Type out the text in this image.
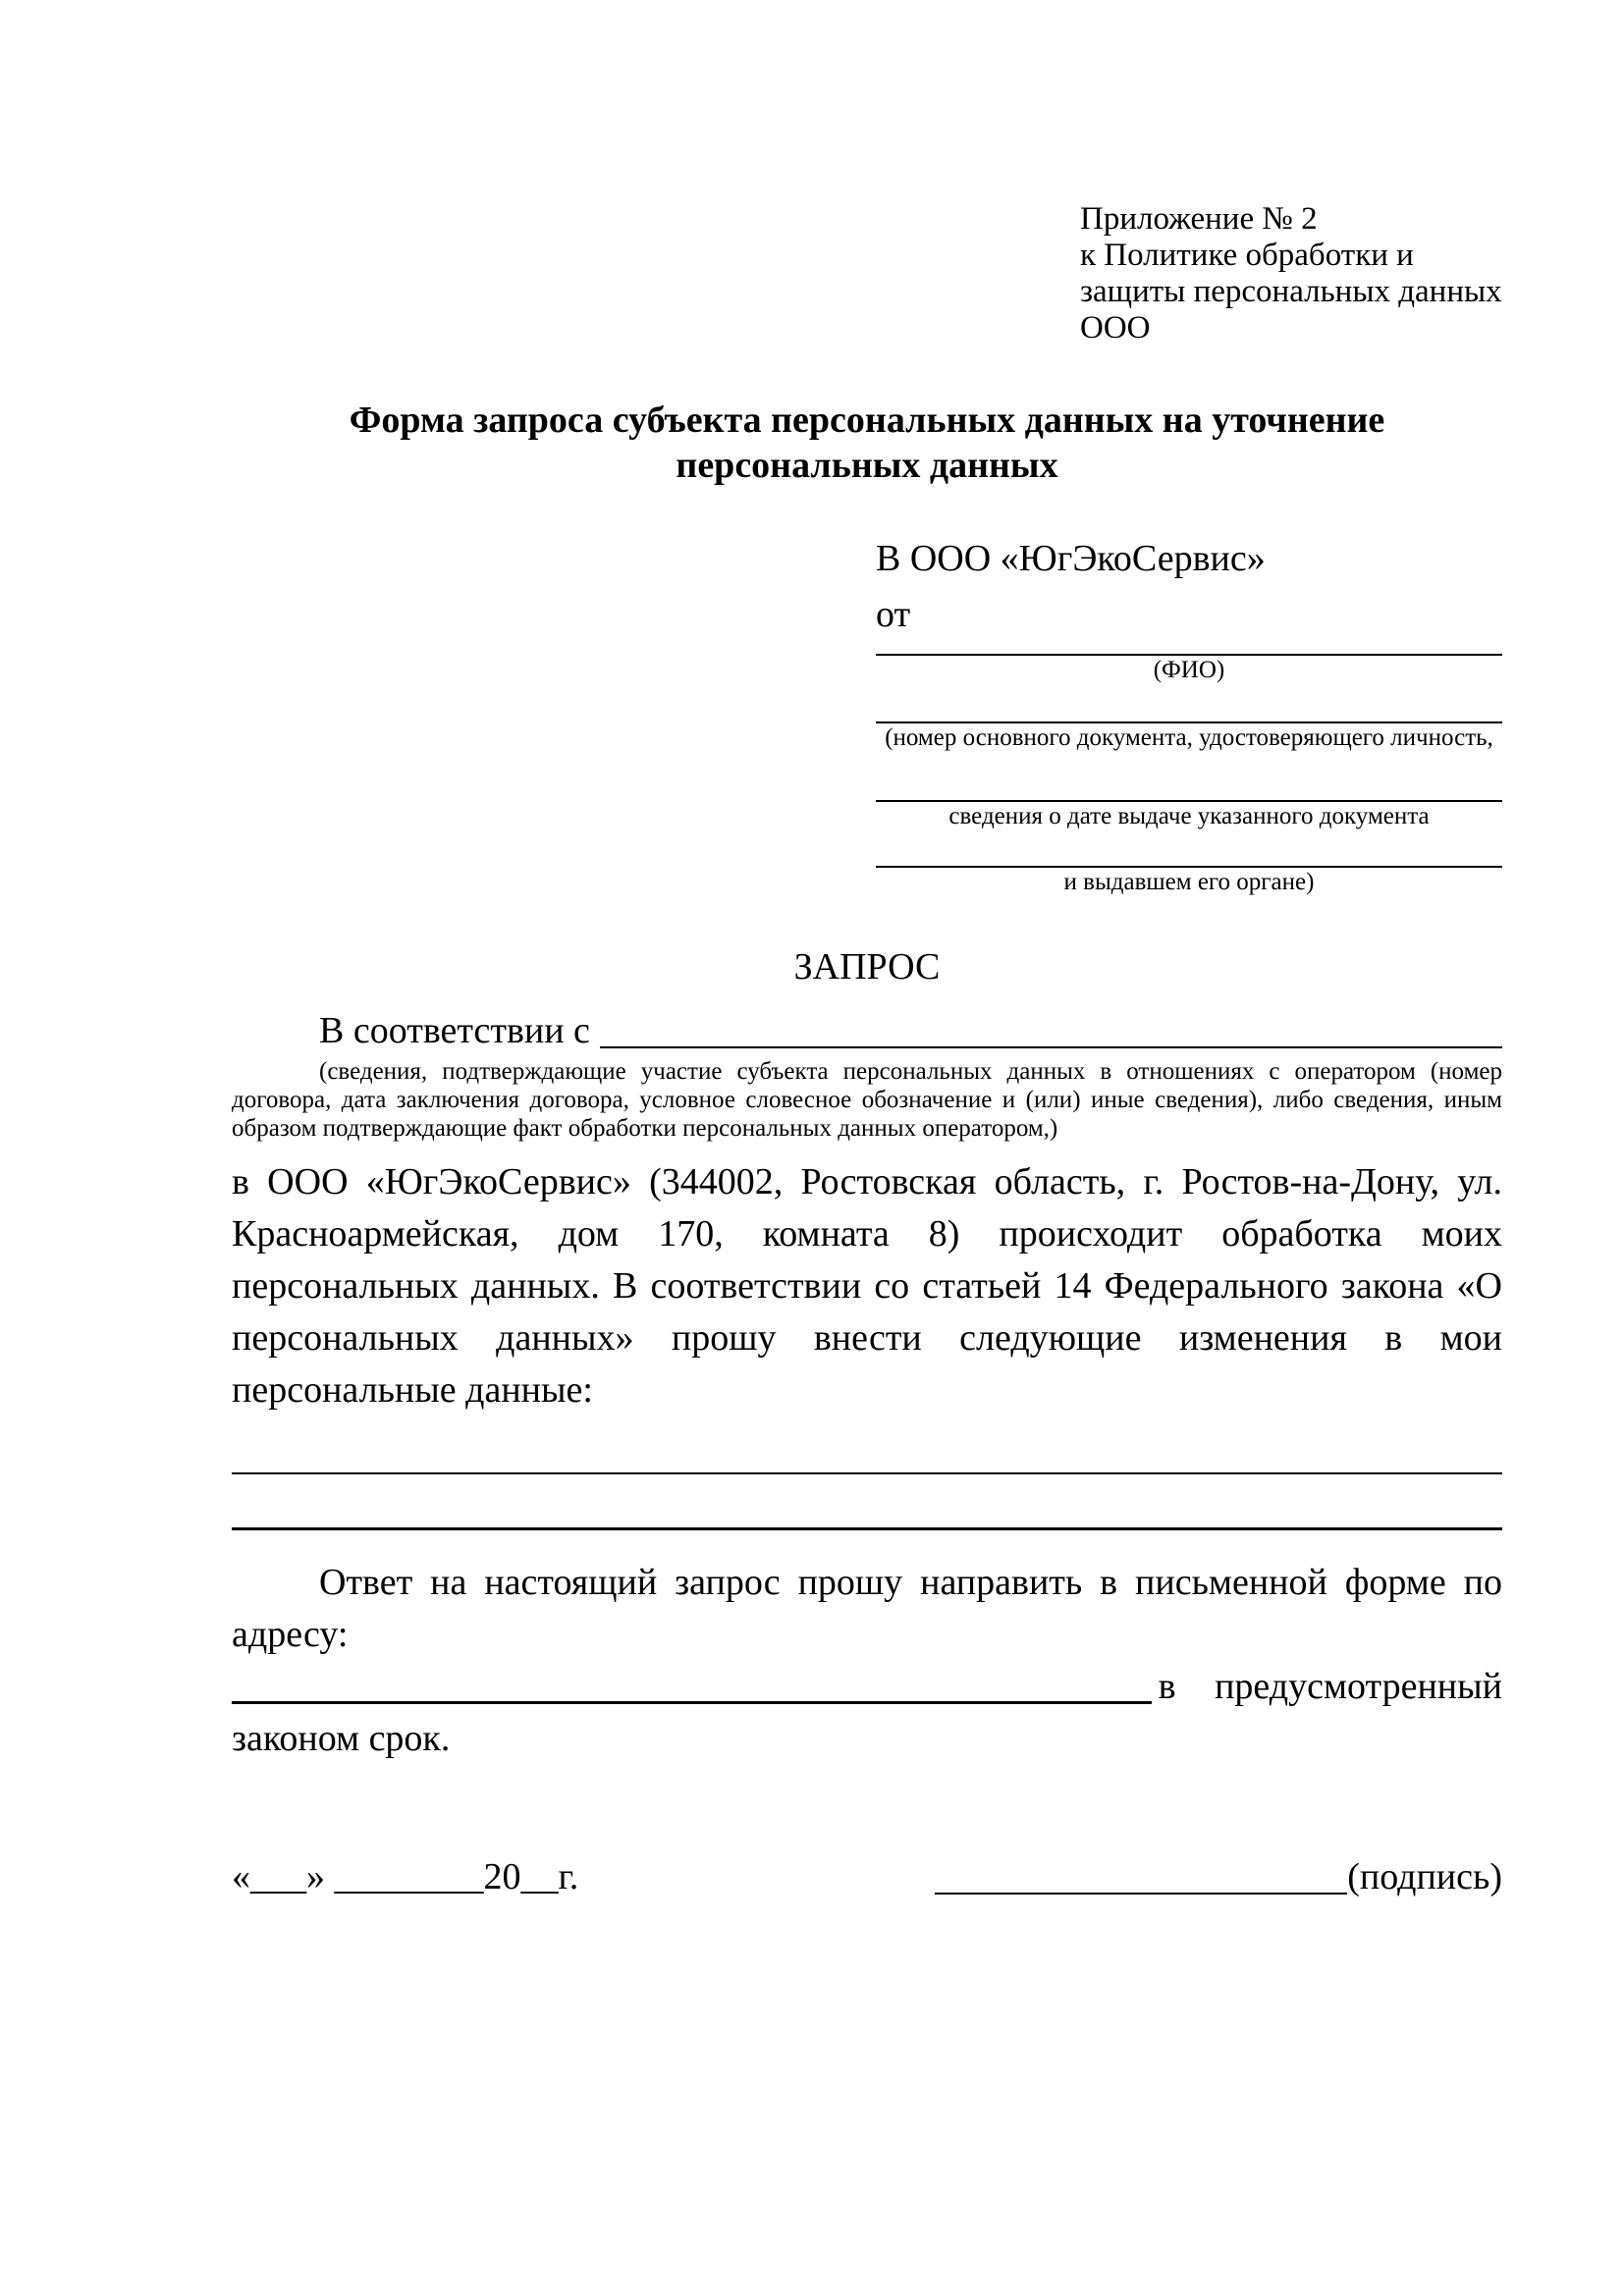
Приложение № 2
к Политике обработки и
защиты персональных данных
ООО
Форма запроса субъекта персональных данных на уточнение персональных данных
В ООО «ЮгЭкоСервис»
от
(ФИО)
(номер основного документа, удостоверяющего личность,
сведения о дате выдаче указанного документа
и выдавшем его органе)
ЗАПРОС
В соответствии с
(сведения, подтверждающие участие субъекта персональных данных в отношениях с оператором (номер договора, дата заключения договора, условное словесное обозначение и (или) иные сведения), либо сведения, иным образом подтверждающие факт обработки персональных данных оператором,)
в ООО «ЮгЭкоСервис» (344002, Ростовская область, г. Ростов-на-Дону, ул. Красноармейская, дом 170, комната 8) происходит обработка моих персональных данных. В соответствии со статьей 14 Федерального закона «О персональных данных» прошу внести следующие изменения в мои персональные данные:
Ответ на настоящий запрос прошу направить в письменной форме по адресу:
в предусмотренный
законом срок.
«___» ________20__г.	(подпись)
